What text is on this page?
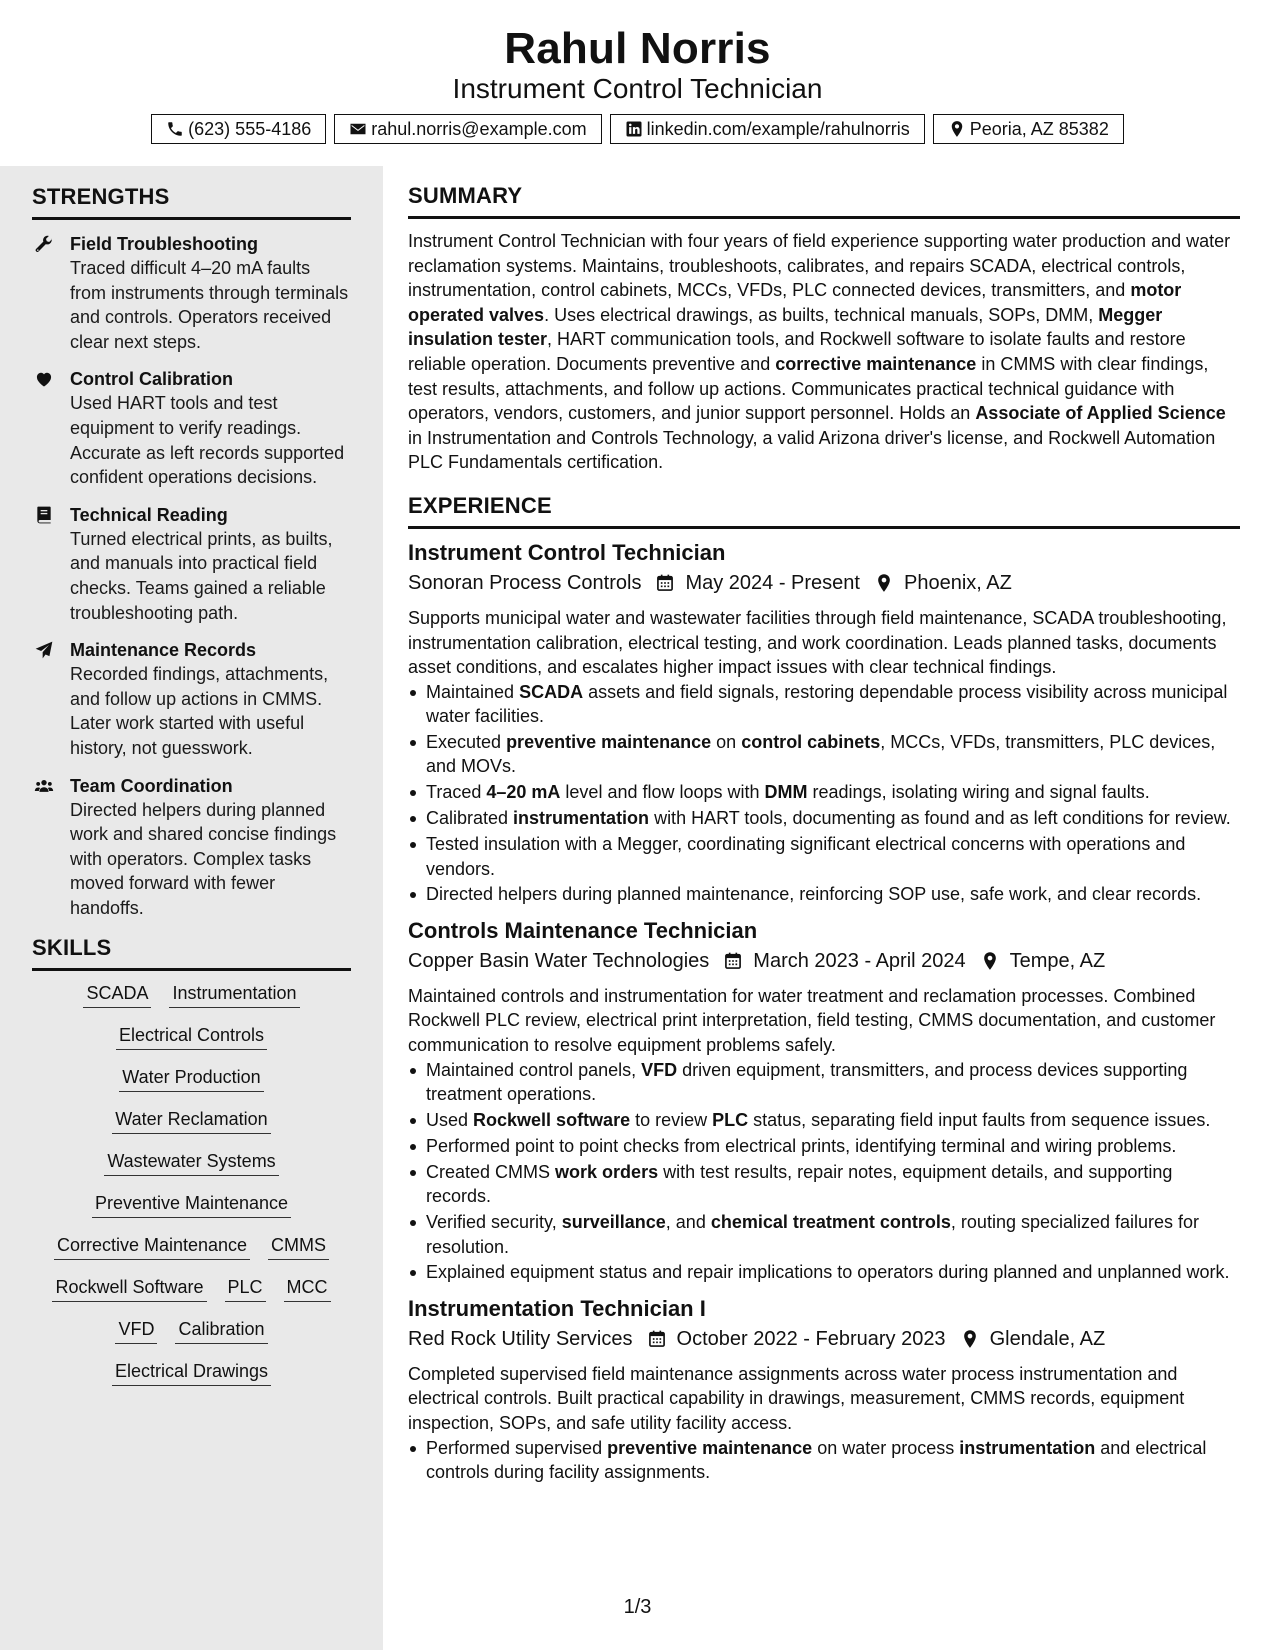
Rahul Norris
Instrument Control Technician
(623) 555-4186	rahul.norris@example.com	linkedin.com/example/rahulnorris	Peoria, AZ 85382
STRENGTHS
Field Troubleshooting
Traced difficult 4–20 mA faults from instruments through terminals and controls. Operators received clear next steps.
Control Calibration
Used HART tools and test equipment to verify readings. Accurate as left records supported confident operations decisions.
Technical Reading
Turned electrical prints, as builts, and manuals into practical field checks. Teams gained a reliable troubleshooting path.
Maintenance Records
Recorded findings, attachments, and follow up actions in CMMS. Later work started with useful history, not guesswork.
Team Coordination
Directed helpers during planned work and shared concise findings with operators. Complex tasks moved forward with fewer handoffs.
SKILLS
SCADA Instrumentation
Electrical Controls
Water Production
Water Reclamation
Wastewater Systems
Preventive Maintenance
Corrective Maintenance CMMS
Rockwell Software PLC MCC
VFD Calibration
Electrical Drawings
SUMMARY

Instrument Control Technician with four years of field experience supporting water production and water reclamation systems. Maintains, troubleshoots, calibrates, and repairs SCADA, electrical controls, instrumentation, control cabinets, MCCs, VFDs, PLC connected devices, transmitters, and motor operated valves. Uses electrical drawings, as builts, technical manuals, SOPs, DMM, Megger insulation tester, HART communication tools, and Rockwell software to isolate faults and restore reliable operation. Documents preventive and corrective maintenance in CMMS with clear findings, test results, attachments, and follow up actions. Communicates practical technical guidance with operators, vendors, customers, and junior support personnel. Holds an Associate of Applied Science in Instrumentation and Controls Technology, a valid Arizona driver's license, and Rockwell Automation PLC Fundamentals certification.

EXPERIENCE
Instrument Control Technician
Sonoran Process Controls May 2024 - Present Phoenix, AZ
Supports municipal water and wastewater facilities through field maintenance, SCADA troubleshooting, instrumentation calibration, electrical testing, and work coordination. Leads planned tasks, documents asset conditions, and escalates higher impact issues with clear technical findings.
Maintained SCADA assets and field signals, restoring dependable process visibility across municipal water facilities.
Executed preventive maintenance on control cabinets, MCCs, VFDs, transmitters, PLC devices, and MOVs.
Traced 4–20 mA level and flow loops with DMM readings, isolating wiring and signal faults.
Calibrated instrumentation with HART tools, documenting as found and as left conditions for review.
Tested insulation with a Megger, coordinating significant electrical concerns with operations and vendors.
Directed helpers during planned maintenance, reinforcing SOP use, safe work, and clear records.
Controls Maintenance Technician
Copper Basin Water Technologies March 2023 - April 2024 Tempe, AZ
Maintained controls and instrumentation for water treatment and reclamation processes. Combined Rockwell PLC review, electrical print interpretation, field testing, CMMS documentation, and customer communication to resolve equipment problems safely.
Maintained control panels, VFD driven equipment, transmitters, and process devices supporting treatment operations.
Used Rockwell software to review PLC status, separating field input faults from sequence issues.
Performed point to point checks from electrical prints, identifying terminal and wiring problems.
Created CMMS work orders with test results, repair notes, equipment details, and supporting records.
Verified security, surveillance, and chemical treatment controls, routing specialized failures for resolution.
Explained equipment status and repair implications to operators during planned and unplanned work.
Instrumentation Technician I
Red Rock Utility Services October 2022 - February 2023 Glendale, AZ
Completed supervised field maintenance assignments across water process instrumentation and electrical controls. Built practical capability in drawings, measurement, CMMS records, equipment inspection, SOPs, and safe utility facility access.
Performed supervised preventive maintenance on water process instrumentation and electrical controls during facility assignments.
1/3
